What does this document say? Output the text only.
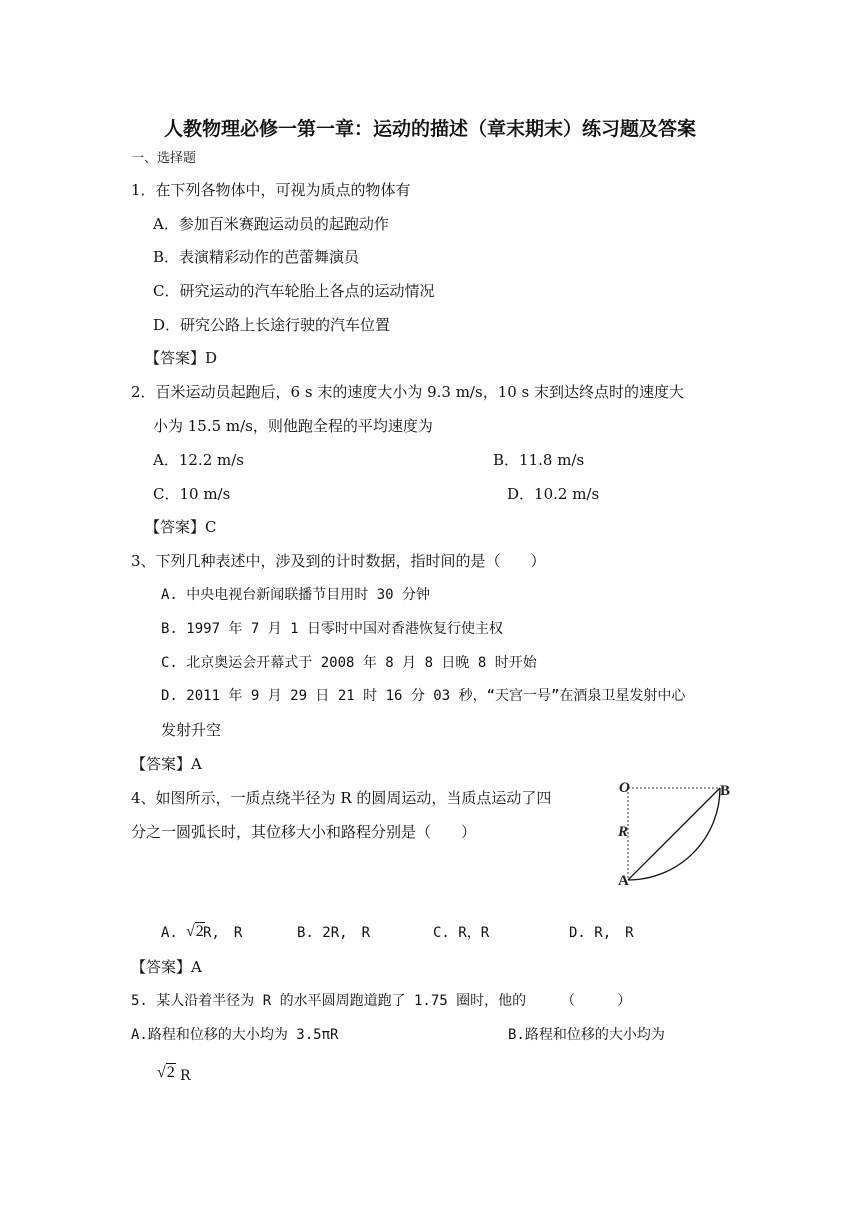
人教物理必修一第一章：运动的描述（章末期末）练习题及答案
一、选择题
1．在下列各物体中，可视为质点的物体有
A．参加百米赛跑运动员的起跑动作
B．表演精彩动作的芭蕾舞演员
C．研究运动的汽车轮胎上各点的运动情况
D．研究公路上长途行驶的汽车位置
【答案】D
2．百米运动员起跑后，6 s 末的速度大小为 9.3 m/s，10 s 末到达终点时的速度大
小为 15.5 m/s，则他跑全程的平均速度为
A．12.2 m/s	B．11.8 m/s
C．10 m/s	D．10.2 m/s
【答案】C
3、下列几种表述中，涉及到的计时数据，指时间的是（　　）
A. 中央电视台新闻联播节目用时 30 分钟
B. 1997 年 7 月 1 日零时中国对香港恢复行使主权
C. 北京奥运会开幕式于 2008 年 8 月 8 日晚 8 时开始
D. 2011 年 9 月 29 日 21 时 16 分 03 秒，“天宫一号”在酒泉卫星发射中心
发射升空
【答案】A
4、如图所示，一质点绕半径为 R 的圆周运动，当质点运动了四
分之一圆弧长时，其位移大小和路程分别是（　　）
O	B
R
A
A. √2 R,　R	B. 2R,　R	C. R，R	D. R,　R
【答案】A
5. 某人沿着半径为 R 的水平圆周跑道跑了 1.75 圈时，他的　　　（　　　）
A.路程和位移的大小均为 3.5πR	B.路程和位移的大小均为
√2 R
